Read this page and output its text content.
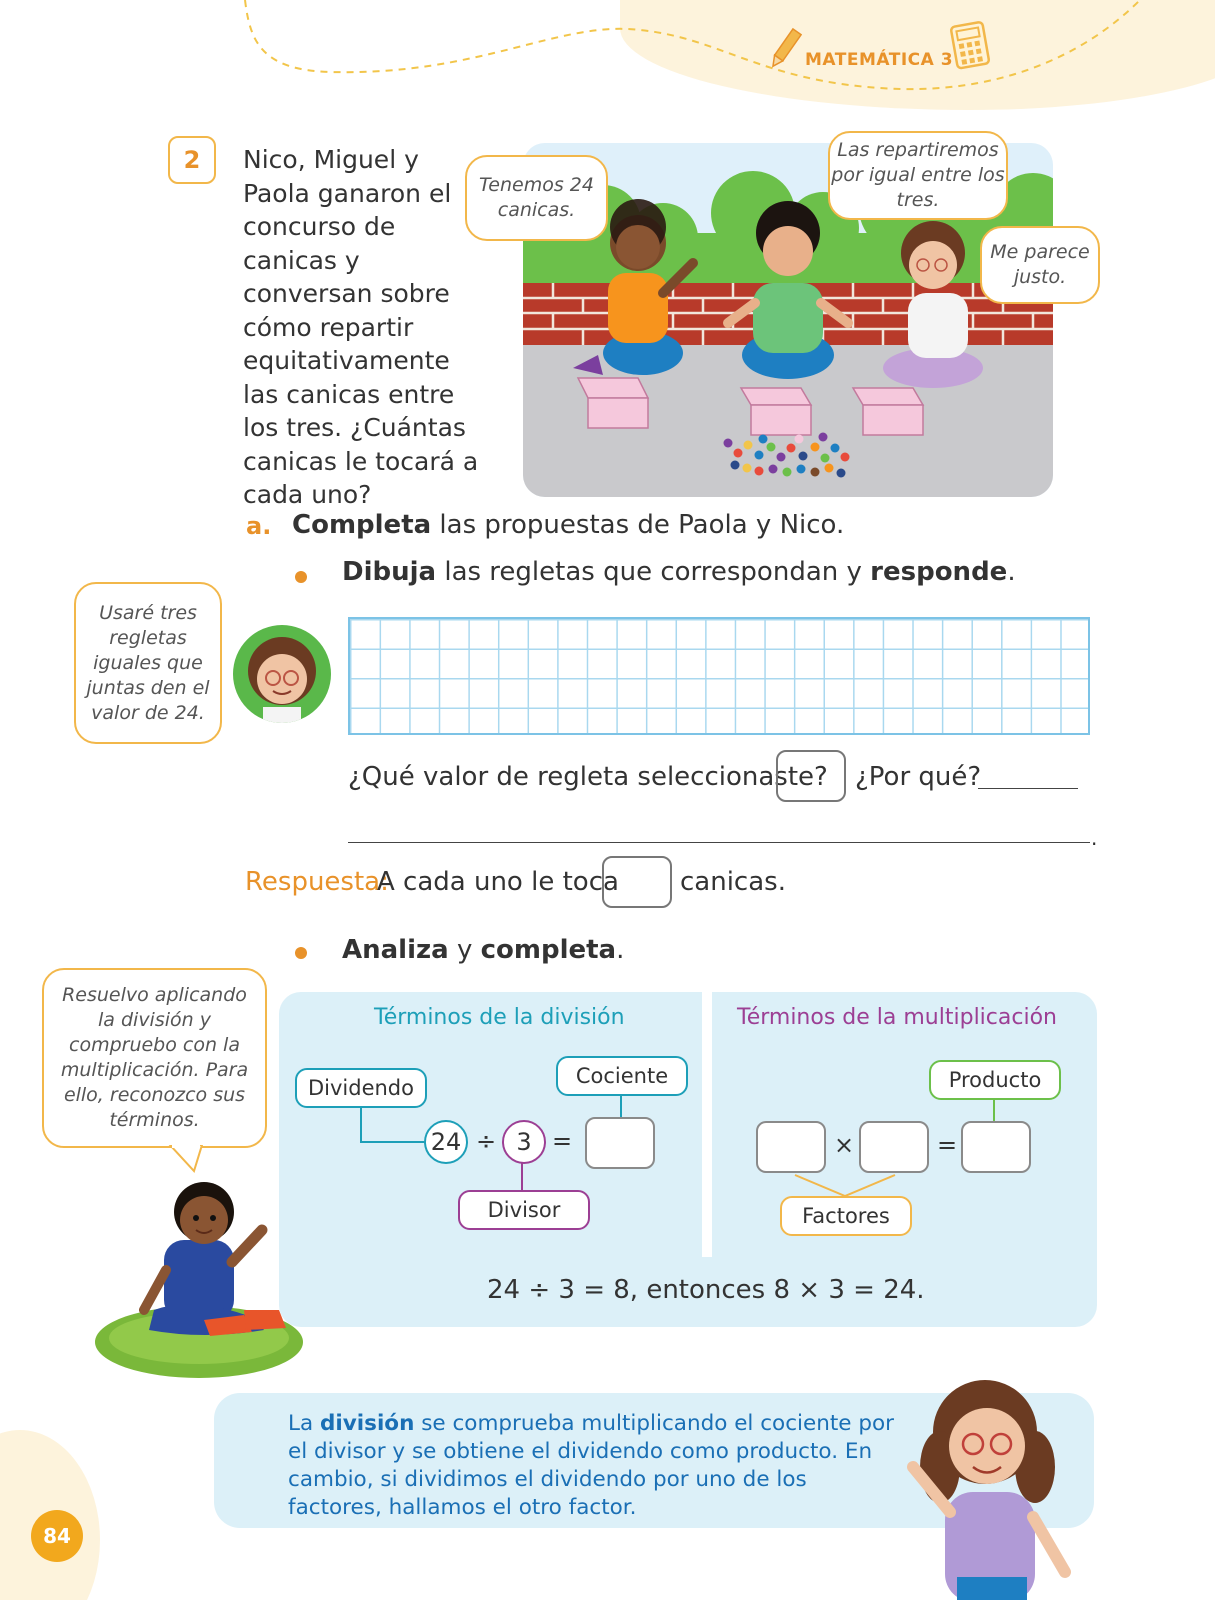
MATEMÁTICA 3
2	Nico, Miguel y Paola ganaron el concurso de canicas y conversan sobre cómo repartir equitativamente las canicas entre los tres. ¿Cuántas canicas le tocará a cada uno?
Tenemos 24 canicas.
Las repartiremos por igual entre los tres.
Me parece justo.
a. Completa las propuestas de Paola y Nico.
Dibuja las regletas que correspondan y responde.
Usaré tres regletas iguales que juntas den el valor de 24.
¿Qué valor de regleta seleccionaste? ¿Por qué?
.
Respuesta:
A cada uno le toca canicas.
Analiza y completa.
Resuelvo aplicando la división y compruebo con la multiplicación. Para ello, reconozco sus términos.
Términos de la división	Términos de la multiplicación
Dividendo	Cociente
24 ÷ 3 =
Divisor
Producto
×	=
Factores
24 ÷ 3 = 8, entonces 8 × 3 = 24.
La división se comprueba multiplicando el cociente por el divisor y se obtiene el dividendo como producto. En cambio, si dividimos el dividendo por uno de los factores, hallamos el otro factor.
84
